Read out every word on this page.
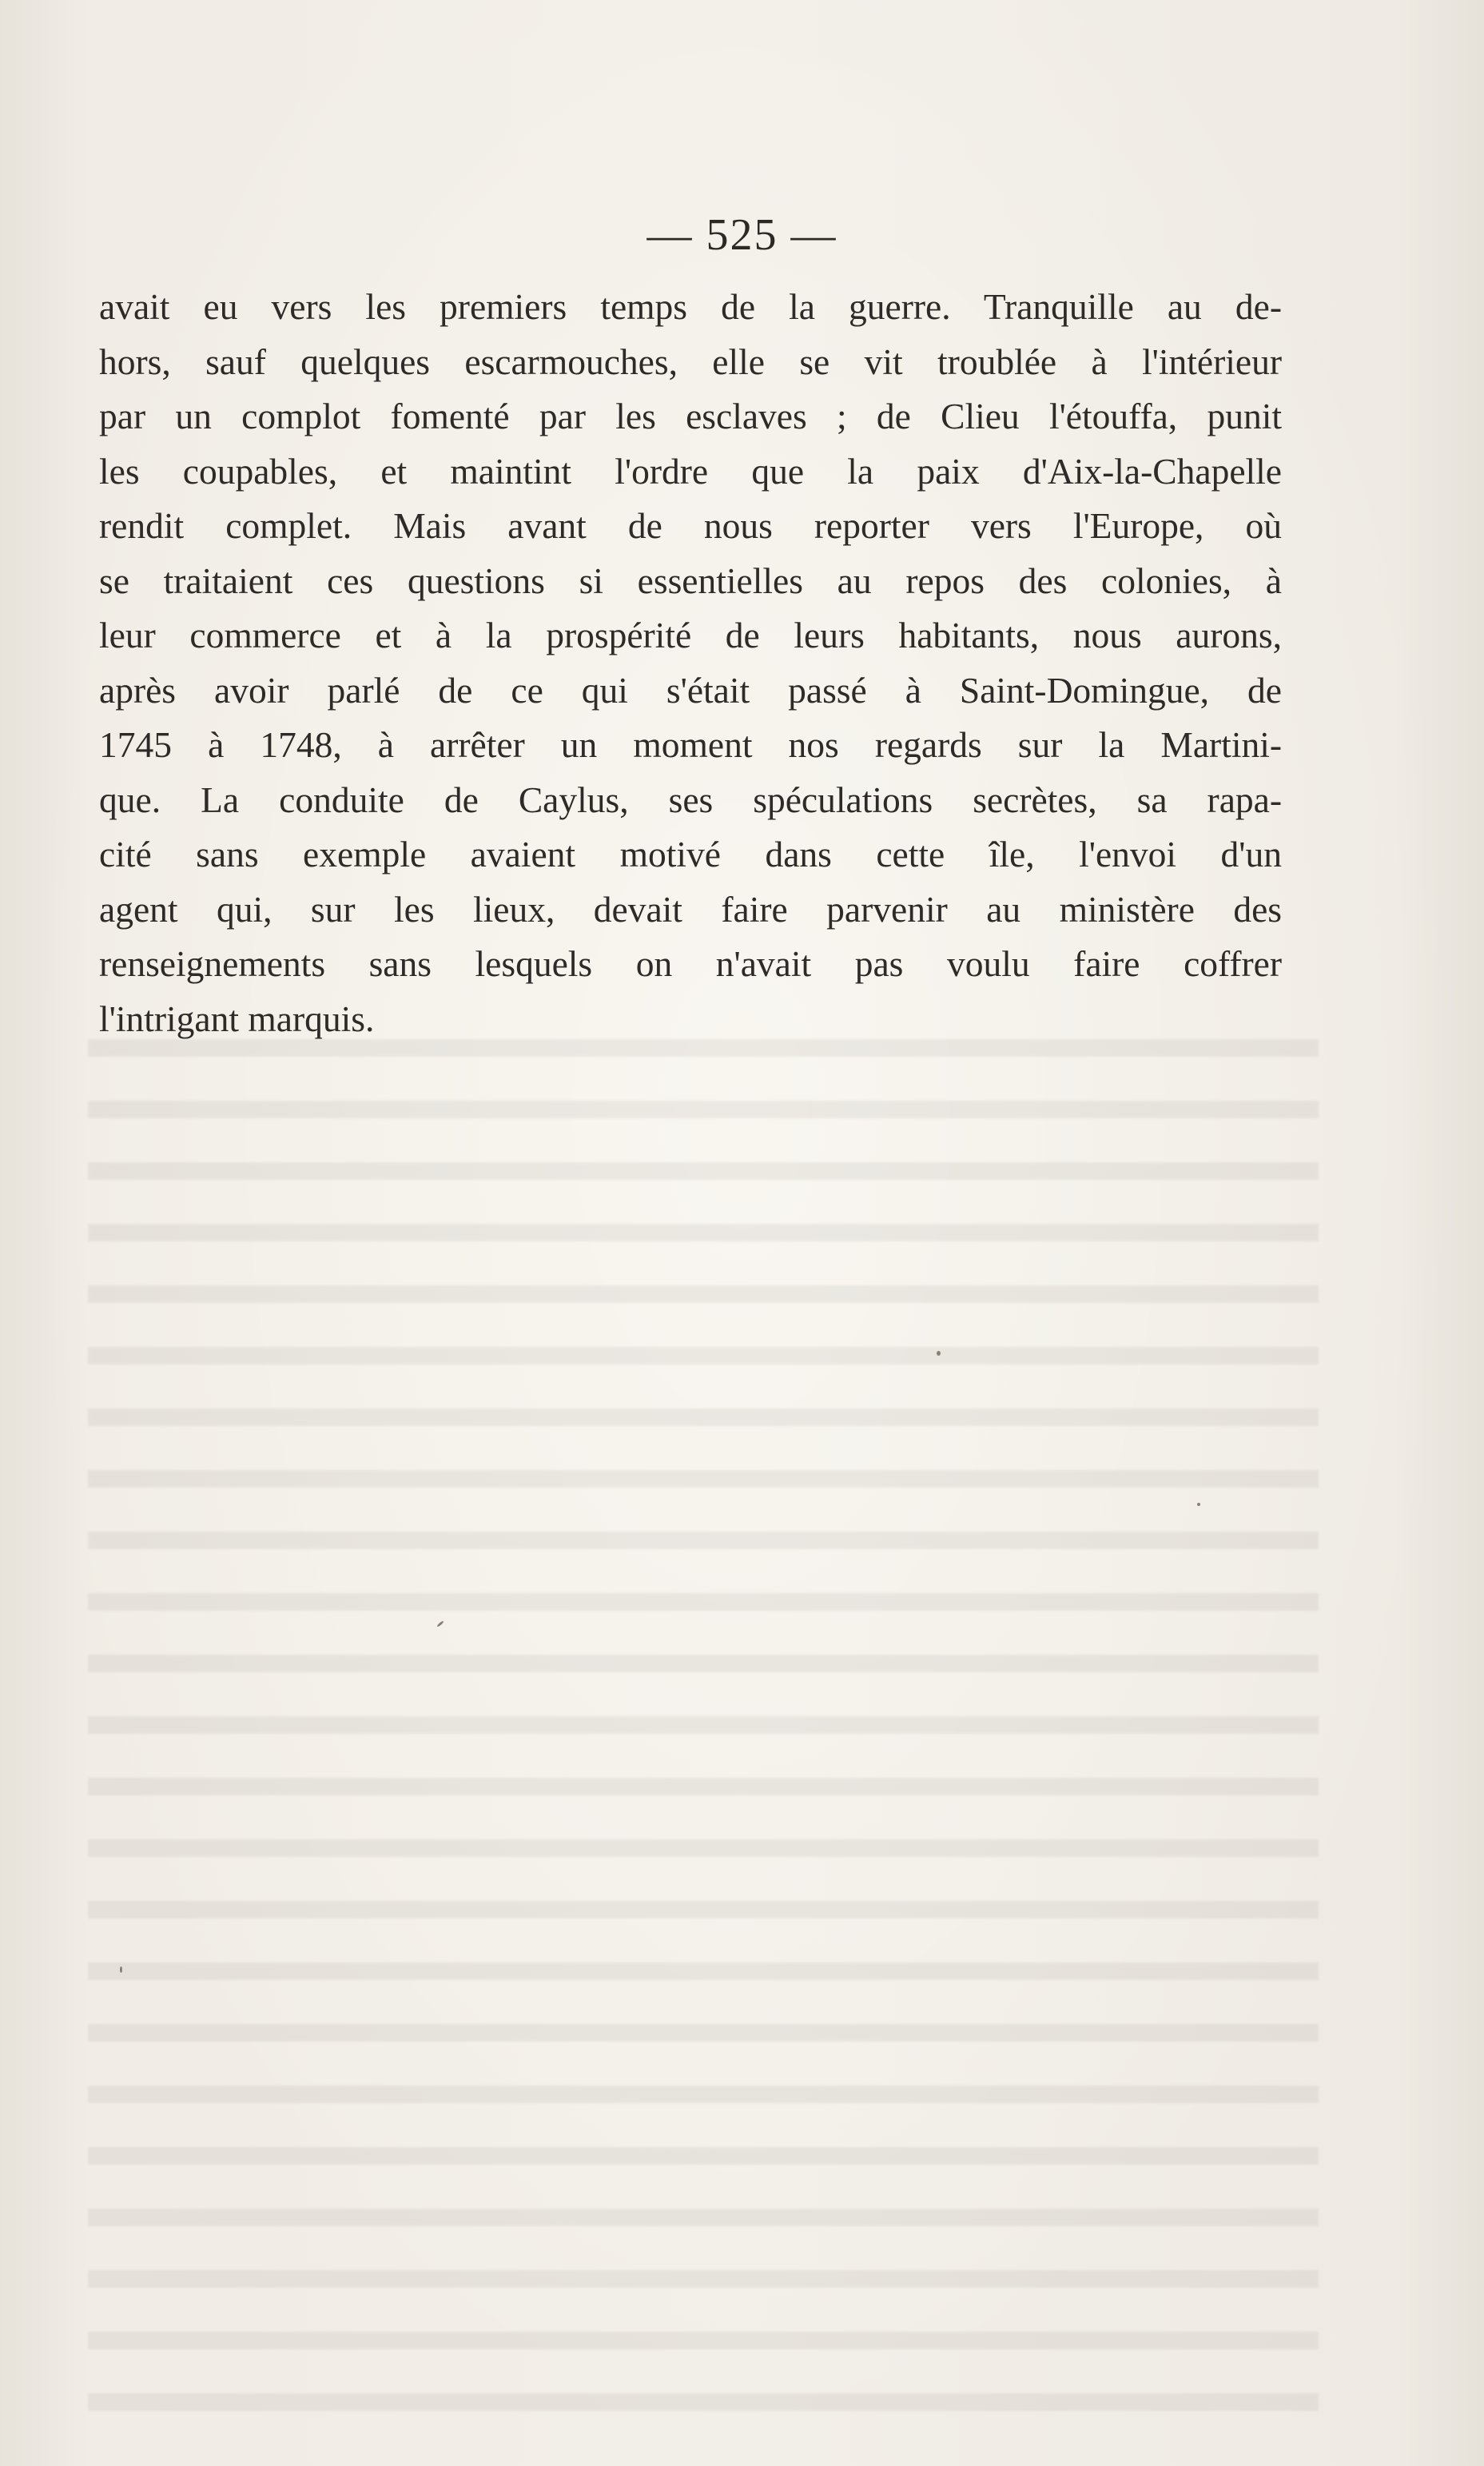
— 525 —
avait eu vers les premiers temps de la guerre. Tranquille au de-
hors, sauf quelques escarmouches, elle se vit troublée à l'intérieur
par un complot fomenté par les esclaves ; de Clieu l'étouffa, punit
les coupables, et maintint l'ordre que la paix d'Aix-la-Chapelle
rendit complet. Mais avant de nous reporter vers l'Europe, où
se traitaient ces questions si essentielles au repos des colonies, à
leur commerce et à la prospérité de leurs habitants, nous aurons,
après avoir parlé de ce qui s'était passé à Saint-Domingue, de
1745 à 1748, à arrêter un moment nos regards sur la Martini-
que. La conduite de Caylus, ses spéculations secrètes, sa rapa-
cité sans exemple avaient motivé dans cette île, l'envoi d'un
agent qui, sur les lieux, devait faire parvenir au ministère des
renseignements sans lesquels on n'avait pas voulu faire coffrer
l'intrigant marquis.
